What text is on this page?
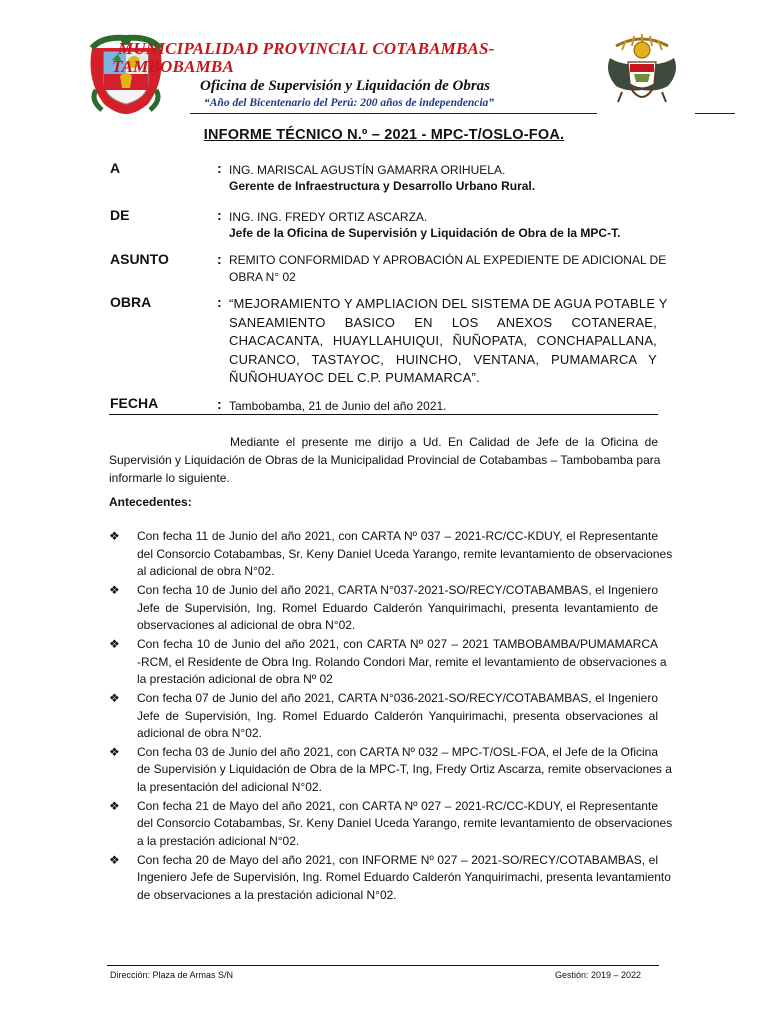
MUNICIPALIDAD PROVINCIAL COTABAMBAS-
TAMBOBAMBA
Oficina de Supervisión y Liquidación de Obras
“Año del Bicentenario del Perú: 200 años de independencia”
INFORME TÉCNICO N.º – 2021 - MPC-T/OSLO-FOA.
A	: ING. MARISCAL AGUSTÍN GAMARRA ORIHUELA.
Gerente de Infraestructura y Desarrollo Urbano Rural.
DE	: ING. ING. FREDY ORTIZ ASCARZA.
Jefe de la Oficina de Supervisión y Liquidación de Obra de la MPC-T.
ASUNTO	: REMITO CONFORMIDAD Y APROBACIÓN AL EXPEDIENTE DE ADICIONAL DE
OBRA N° 02
OBRA	: “MEJORAMIENTO Y AMPLIACION DEL SISTEMA DE AGUA POTABLE Y
SANEAMIENTO BASICO EN LOS ANEXOS COTANERAE,
CHACACANTA, HUAYLLAHUIQUI, ÑUÑOPATA, CONCHAPALLANA,
CURANCO, TASTAYOC, HUINCHO, VENTANA, PUMAMARCA Y
ÑUÑOHUAYOC DEL C.P. PUMAMARCA”.
FECHA	: Tambobamba, 21 de Junio del año 2021.
Mediante el presente me dirijo a Ud. En Calidad de Jefe de la Oficina de
Supervisión y Liquidación de Obras de la Municipalidad Provincial de Cotabambas – Tambobamba para
informarle lo siguiente.
Antecedentes:
❖ Con fecha 11 de Junio del año 2021, con CARTA Nº 037 – 2021-RC/CC-KDUY, el Representante
del Consorcio Cotabambas, Sr. Keny Daniel Uceda Yarango, remite levantamiento de observaciones
al adicional de obra N°02.
❖ Con fecha 10 de Junio del año 2021, CARTA N°037-2021-SO/RECY/COTABAMBAS, el Ingeniero
Jefe de Supervisión, Ing. Romel Eduardo Calderón Yanquirimachi, presenta levantamiento de
observaciones al adicional de obra N°02.
❖ Con fecha 10 de Junio del año 2021, con CARTA Nº 027 – 2021 TAMBOBAMBA/PUMAMARCA
-RCM, el Residente de Obra Ing. Rolando Condori Mar, remite el levantamiento de observaciones a
la prestación adicional de obra Nº 02
❖ Con fecha 07 de Junio del año 2021, CARTA N°036-2021-SO/RECY/COTABAMBAS, el Ingeniero
Jefe de Supervisión, Ing. Romel Eduardo Calderón Yanquirimachi, presenta observaciones al
adicional de obra N°02.
❖ Con fecha 03 de Junio del año 2021, con CARTA Nº 032 – MPC-T/OSL-FOA, el Jefe de la Oficina
de Supervisión y Liquidación de Obra de la MPC-T, Ing, Fredy Ortiz Ascarza, remite observaciones a
la presentación del adicional N°02.
❖ Con fecha 21 de Mayo del año 2021, con CARTA Nº 027 – 2021-RC/CC-KDUY, el Representante
del Consorcio Cotabambas, Sr. Keny Daniel Uceda Yarango, remite levantamiento de observaciones
a la prestación adicional N°02.
❖ Con fecha 20 de Mayo del año 2021, con INFORME Nº 027 – 2021-SO/RECY/COTABAMBAS, el
Ingeniero Jefe de Supervisión, Ing. Romel Eduardo Calderón Yanquirimachi, presenta levantamiento
de observaciones a la prestación adicional N°02.
Dirección: Plaza de Armas S/N	Gestión: 2019 – 2022
